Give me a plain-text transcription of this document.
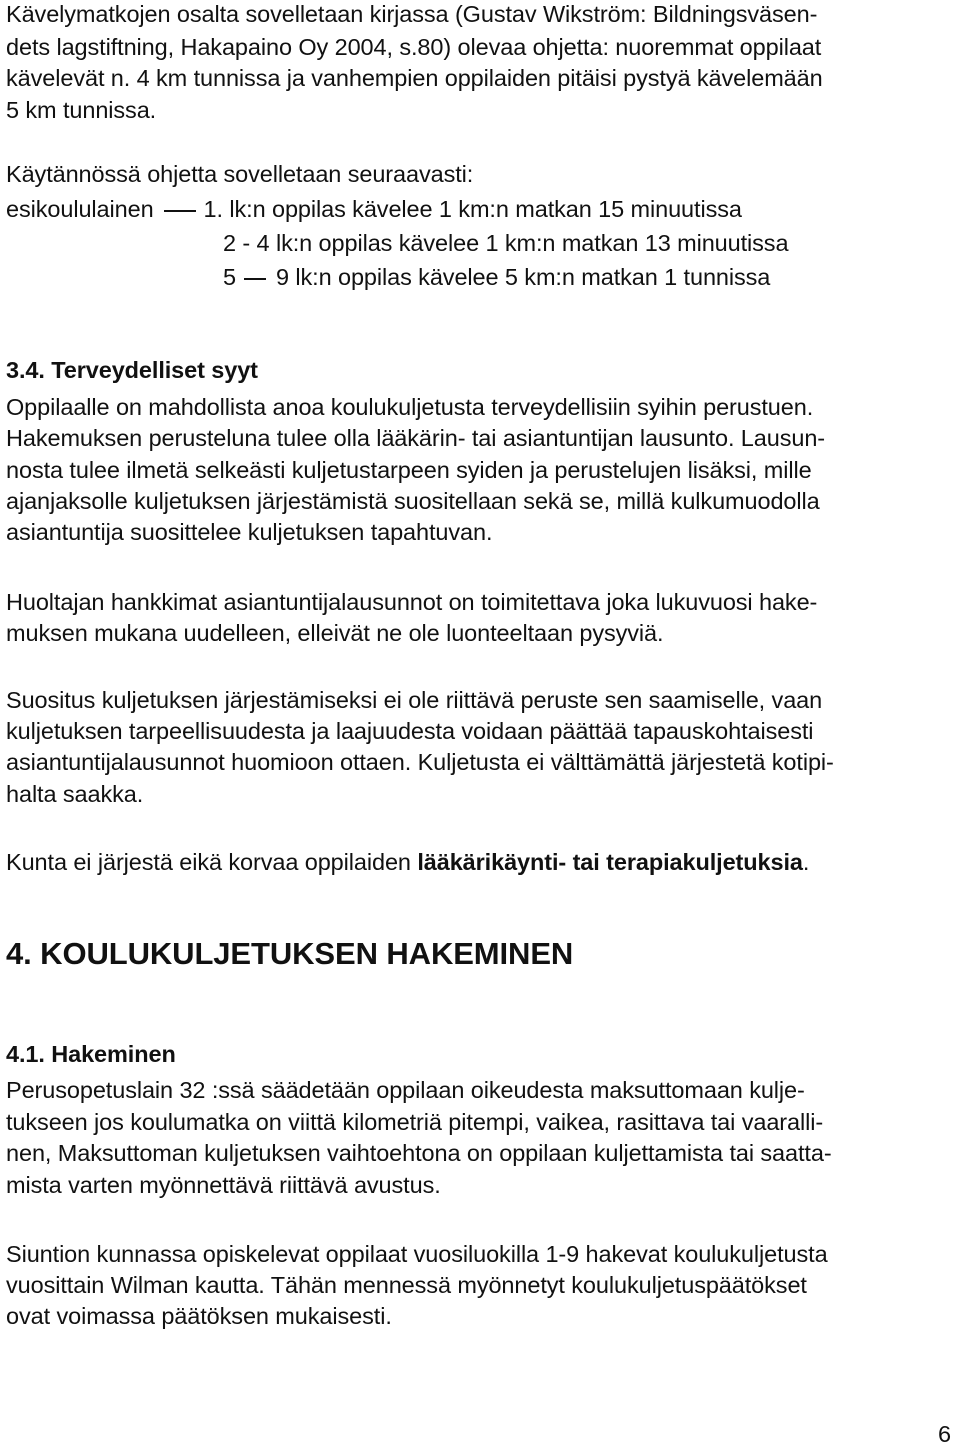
Kävelymatkojen osalta sovelletaan kirjassa (Gustav Wikström: Bildningsväsen-
dets lagstiftning, Hakapaino Oy 2004, s.80) olevaa ohjetta: nuoremmat oppilaat
kävelevät n. 4 km tunnissa ja vanhempien oppilaiden pitäisi pystyä kävelemään
5 km tunnissa.
Käytännössä ohjetta sovelletaan seuraavasti:
esikoululainen 1. lk:n oppilas kävelee 1 km:n matkan 15 minuutissa
2 - 4 lk:n oppilas kävelee 1 km:n matkan 13 minuutissa
5 9 lk:n oppilas kävelee 5 km:n matkan 1 tunnissa
3.4. Terveydelliset syyt
Oppilaalle on mahdollista anoa koulukuljetusta terveydellisiin syihin perustuen.
Hakemuksen perusteluna tulee olla lääkärin- tai asiantuntijan lausunto. Lausun-
nosta tulee ilmetä selkeästi kuljetustarpeen syiden ja perustelujen lisäksi, mille
ajanjaksolle kuljetuksen järjestämistä suositellaan sekä se, millä kulkumuodolla
asiantuntija suosittelee kuljetuksen tapahtuvan.
Huoltajan hankkimat asiantuntijalausunnot on toimitettava joka lukuvuosi hake-
muksen mukana uudelleen, elleivät ne ole luonteeltaan pysyviä.
Suositus kuljetuksen järjestämiseksi ei ole riittävä peruste sen saamiselle, vaan
kuljetuksen tarpeellisuudesta ja laajuudesta voidaan päättää tapauskohtaisesti
asiantuntijalausunnot huomioon ottaen. Kuljetusta ei välttämättä järjestetä kotipi-
halta saakka.
Kunta ei järjestä eikä korvaa oppilaiden lääkärikäynti- tai terapiakuljetuksia.
4. KOULUKULJETUKSEN HAKEMINEN
4.1. Hakeminen
Perusopetuslain 32 :ssä säädetään oppilaan oikeudesta maksuttomaan kulje-
tukseen jos koulumatka on viittä kilometriä pitempi, vaikea, rasittava tai vaaralli-
nen, Maksuttoman kuljetuksen vaihtoehtona on oppilaan kuljettamista tai saatta-
mista varten myönnettävä riittävä avustus.
Siuntion kunnassa opiskelevat oppilaat vuosiluokilla 1-9 hakevat koulukuljetusta
vuosittain Wilman kautta. Tähän mennessä myönnetyt koulukuljetuspäätökset
ovat voimassa päätöksen mukaisesti.
6
